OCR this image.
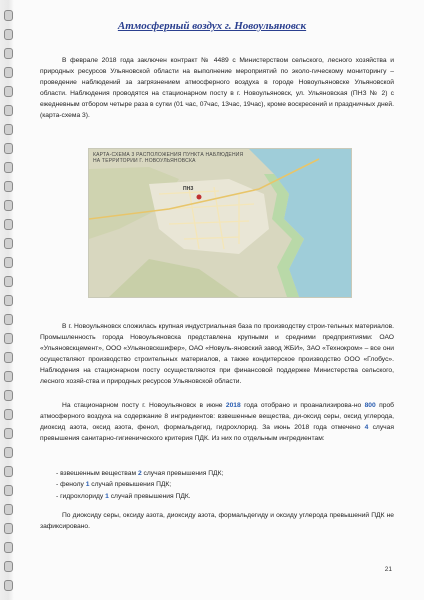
Атмосферный воздух г. Новоульяновск
В феврале 2018 года заключен контракт № 4489 с Министерством сельского, лесного хозяйства и природных ресурсов Ульяновской области на выполнение мероприятий по эколо-гическому мониторингу – проведение наблюдений за загрязнением атмосферного воздуха в городе Новоульяновске Ульяновской области. Наблюдения проводятся на стационарном посту в г. Новоульяновск, ул. Ульяновская (ПНЗ № 2) с ежедневным отбором четыре раза в сутки (01 час, 07час, 13час, 19час), кроме воскресений и праздничных дней. (карта-схема 3).
КАРТА-СХЕМА 3 РАСПОЛОЖЕНИЯ ПУНКТА НАБЛЮДЕНИЯ
НА ТЕРРИТОРИИ Г. НОВОУЛЬЯНОВСКА
ПНЗ
В г. Новоульяновск сложилась крупная индустриальная база по производству строи-тельных материалов. Промышленность города Новоульяновска представлена крупными и средними предприятиями: ОАО «Ульяновскцемент», ООО «Ульяновскшифер», ОАО «Новуль-яновский завод ЖБИ», ЗАО «Технокром» – все они осуществляют производство строительных материалов, а также кондитерское производство ООО «Глобус». Наблюдения на стационарном посту осуществляются при финансовой поддержке Министерства сельского, лесного хозяй-ства и природных ресурсов Ульяновской области.
На стационарном посту г. Новоульяновск в июне 2018 года отобрано и проанализирова-но 800 проб атмосферного воздуха на содержание 8 ингредиентов: взвешенные вещества, ди-оксид серы, оксид углерода, диоксид азота, оксид азота, фенол, формальдегид, гидрохлорид. За июнь 2018 года отмечено 4 случая превышения санитарно-гигиенического критерия ПДК. Из них по отдельным ингредиентам:
- взвешенным веществам 2 случая превышения ПДК;
- фенолу 1 случай превышения ПДК;
- гидрохлориду 1 случай превышения ПДК.
По диоксиду серы, оксиду азота, диоксиду азота, формальдегиду и оксиду углерода превышений ПДК не зафиксировано.
21
